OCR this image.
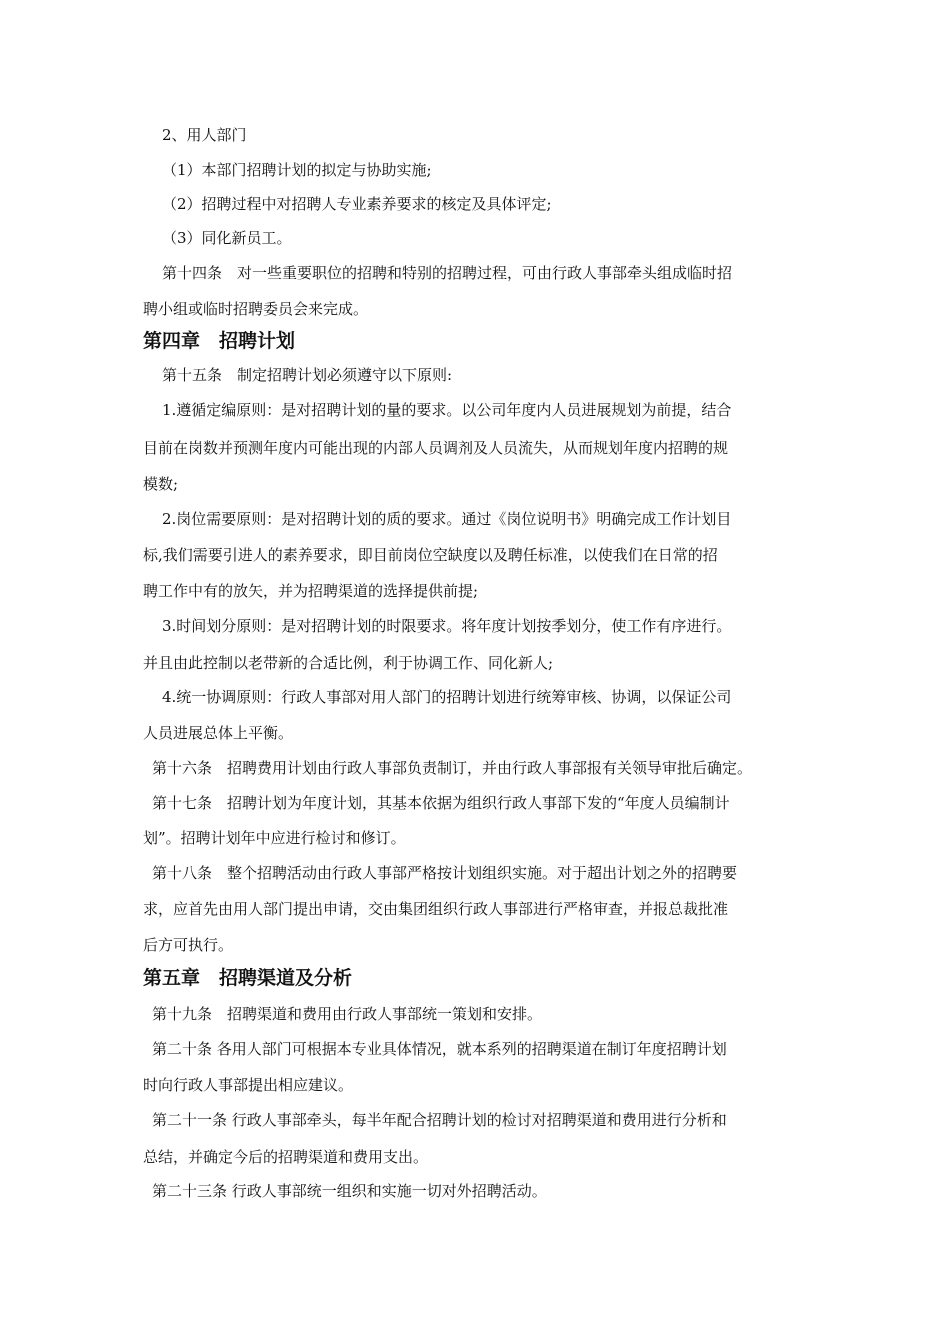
2、用人部门
（1）本部门招聘计划的拟定与协助实施;
（2）招聘过程中对招聘人专业素养要求的核定及具体评定;
（3）同化新员工。
第十四条　对一些重要职位的招聘和特别的招聘过程，可由行政人事部牵头组成临时招
聘小组或临时招聘委员会来完成。
第四章　招聘计划
第十五条　制定招聘计划必须遵守以下原则:
1.遵循定编原则：是对招聘计划的量的要求。以公司年度内人员进展规划为前提，结合
目前在岗数并预测年度内可能出现的内部人员调剂及人员流失，从而规划年度内招聘的规
模数;
2.岗位需要原则：是对招聘计划的质的要求。通过《岗位说明书》明确完成工作计划目
标,我们需要引进人的素养要求，即目前岗位空缺度以及聘任标准，以使我们在日常的招
聘工作中有的放矢，并为招聘渠道的选择提供前提;
3.时间划分原则：是对招聘计划的时限要求。将年度计划按季划分，使工作有序进行。
并且由此控制以老带新的合适比例，利于协调工作、同化新人;
4.统一协调原则：行政人事部对用人部门的招聘计划进行统筹审核、协调，以保证公司
人员进展总体上平衡。
第十六条　招聘费用计划由行政人事部负责制订，并由行政人事部报有关领导审批后确定。
第十七条　招聘计划为年度计划，其基本依据为组织行政人事部下发的“年度人员编制计
划”。招聘计划年中应进行检讨和修订。
第十八条　整个招聘活动由行政人事部严格按计划组织实施。对于超出计划之外的招聘要
求，应首先由用人部门提出申请，交由集团组织行政人事部进行严格审查，并报总裁批准
后方可执行。
第五章　招聘渠道及分析
第十九条　招聘渠道和费用由行政人事部统一策划和安排。
第二十条 各用人部门可根据本专业具体情况，就本系列的招聘渠道在制订年度招聘计划
时向行政人事部提出相应建议。
第二十一条 行政人事部牵头，每半年配合招聘计划的检讨对招聘渠道和费用进行分析和
总结，并确定今后的招聘渠道和费用支出。
第二十三条 行政人事部统一组织和实施一切对外招聘活动。
